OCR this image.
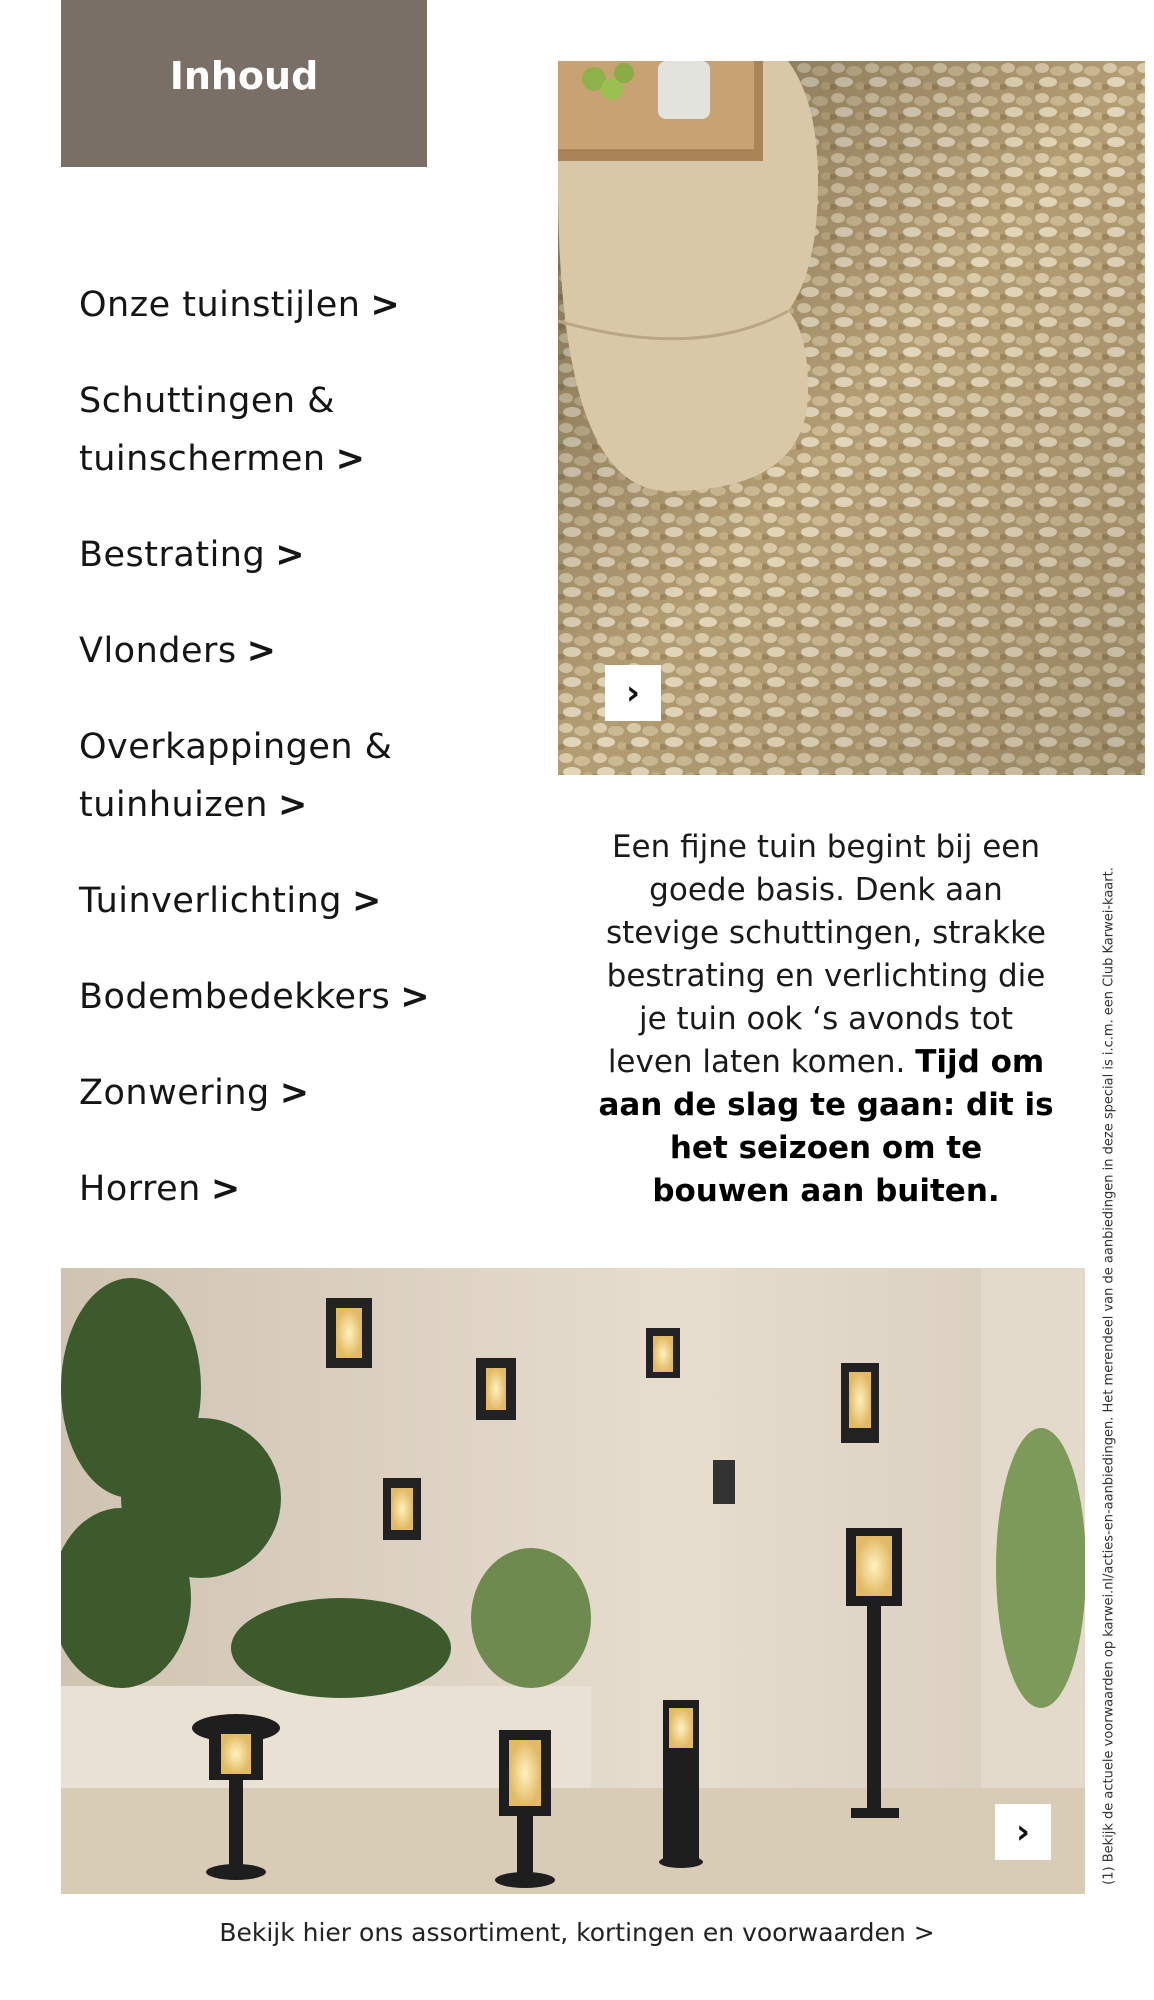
Inhoud
Onze tuinstijlen >
Schuttingen &
tuinschermen >
Bestrating >
Vlonders >
Overkappingen &
tuinhuizen >
Tuinverlichting >
Bodembedekkers >
Zonwering >
Horren >
›
Een fijne tuin begint bij een goede basis. Denk aan stevige schuttingen, strakke bestrating en verlichting die je tuin ook ‘s avonds tot leven laten komen. Tijd om aan de slag te gaan: dit is het seizoen om te bouwen aan buiten.	(1) Bekijk de actuele voorwaarden op karwei.nl/acties-en-aanbiedingen. Het merendeel van de aanbiedingen in deze special is i.c.m. een Club Karwei-kaart.
›
Bekijk hier ons assortiment, kortingen en voorwaarden >
